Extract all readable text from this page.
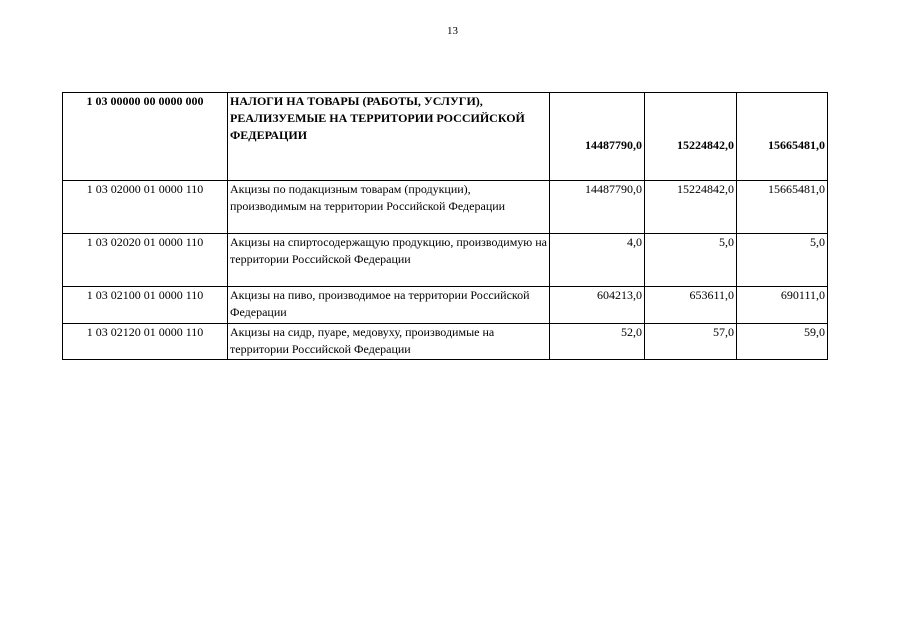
13
1 03 00000 00 0000 000	НАЛОГИ НА ТОВАРЫ (РАБОТЫ, УСЛУГИ), РЕАЛИЗУЕМЫЕ НА ТЕРРИТОРИИ РОССИЙСКОЙ ФЕДЕРАЦИИ	14487790,0	15224842,0	15665481,0
1 03 02000 01 0000 110	Акцизы по подакцизным товарам (продукции), производимым на территории Российской Федерации	14487790,0	15224842,0	15665481,0
1 03 02020 01 0000 110	Акцизы на спиртосодержащую продукцию, производимую на территории Российской Федерации	4,0	5,0	5,0
1 03 02100 01 0000 110	Акцизы на пиво, производимое на территории Российской Федерации	604213,0	653611,0	690111,0
1 03 02120 01 0000 110	Акцизы на сидр, пуаре, медовуху, производимые на территории Российской Федерации	52,0	57,0	59,0
